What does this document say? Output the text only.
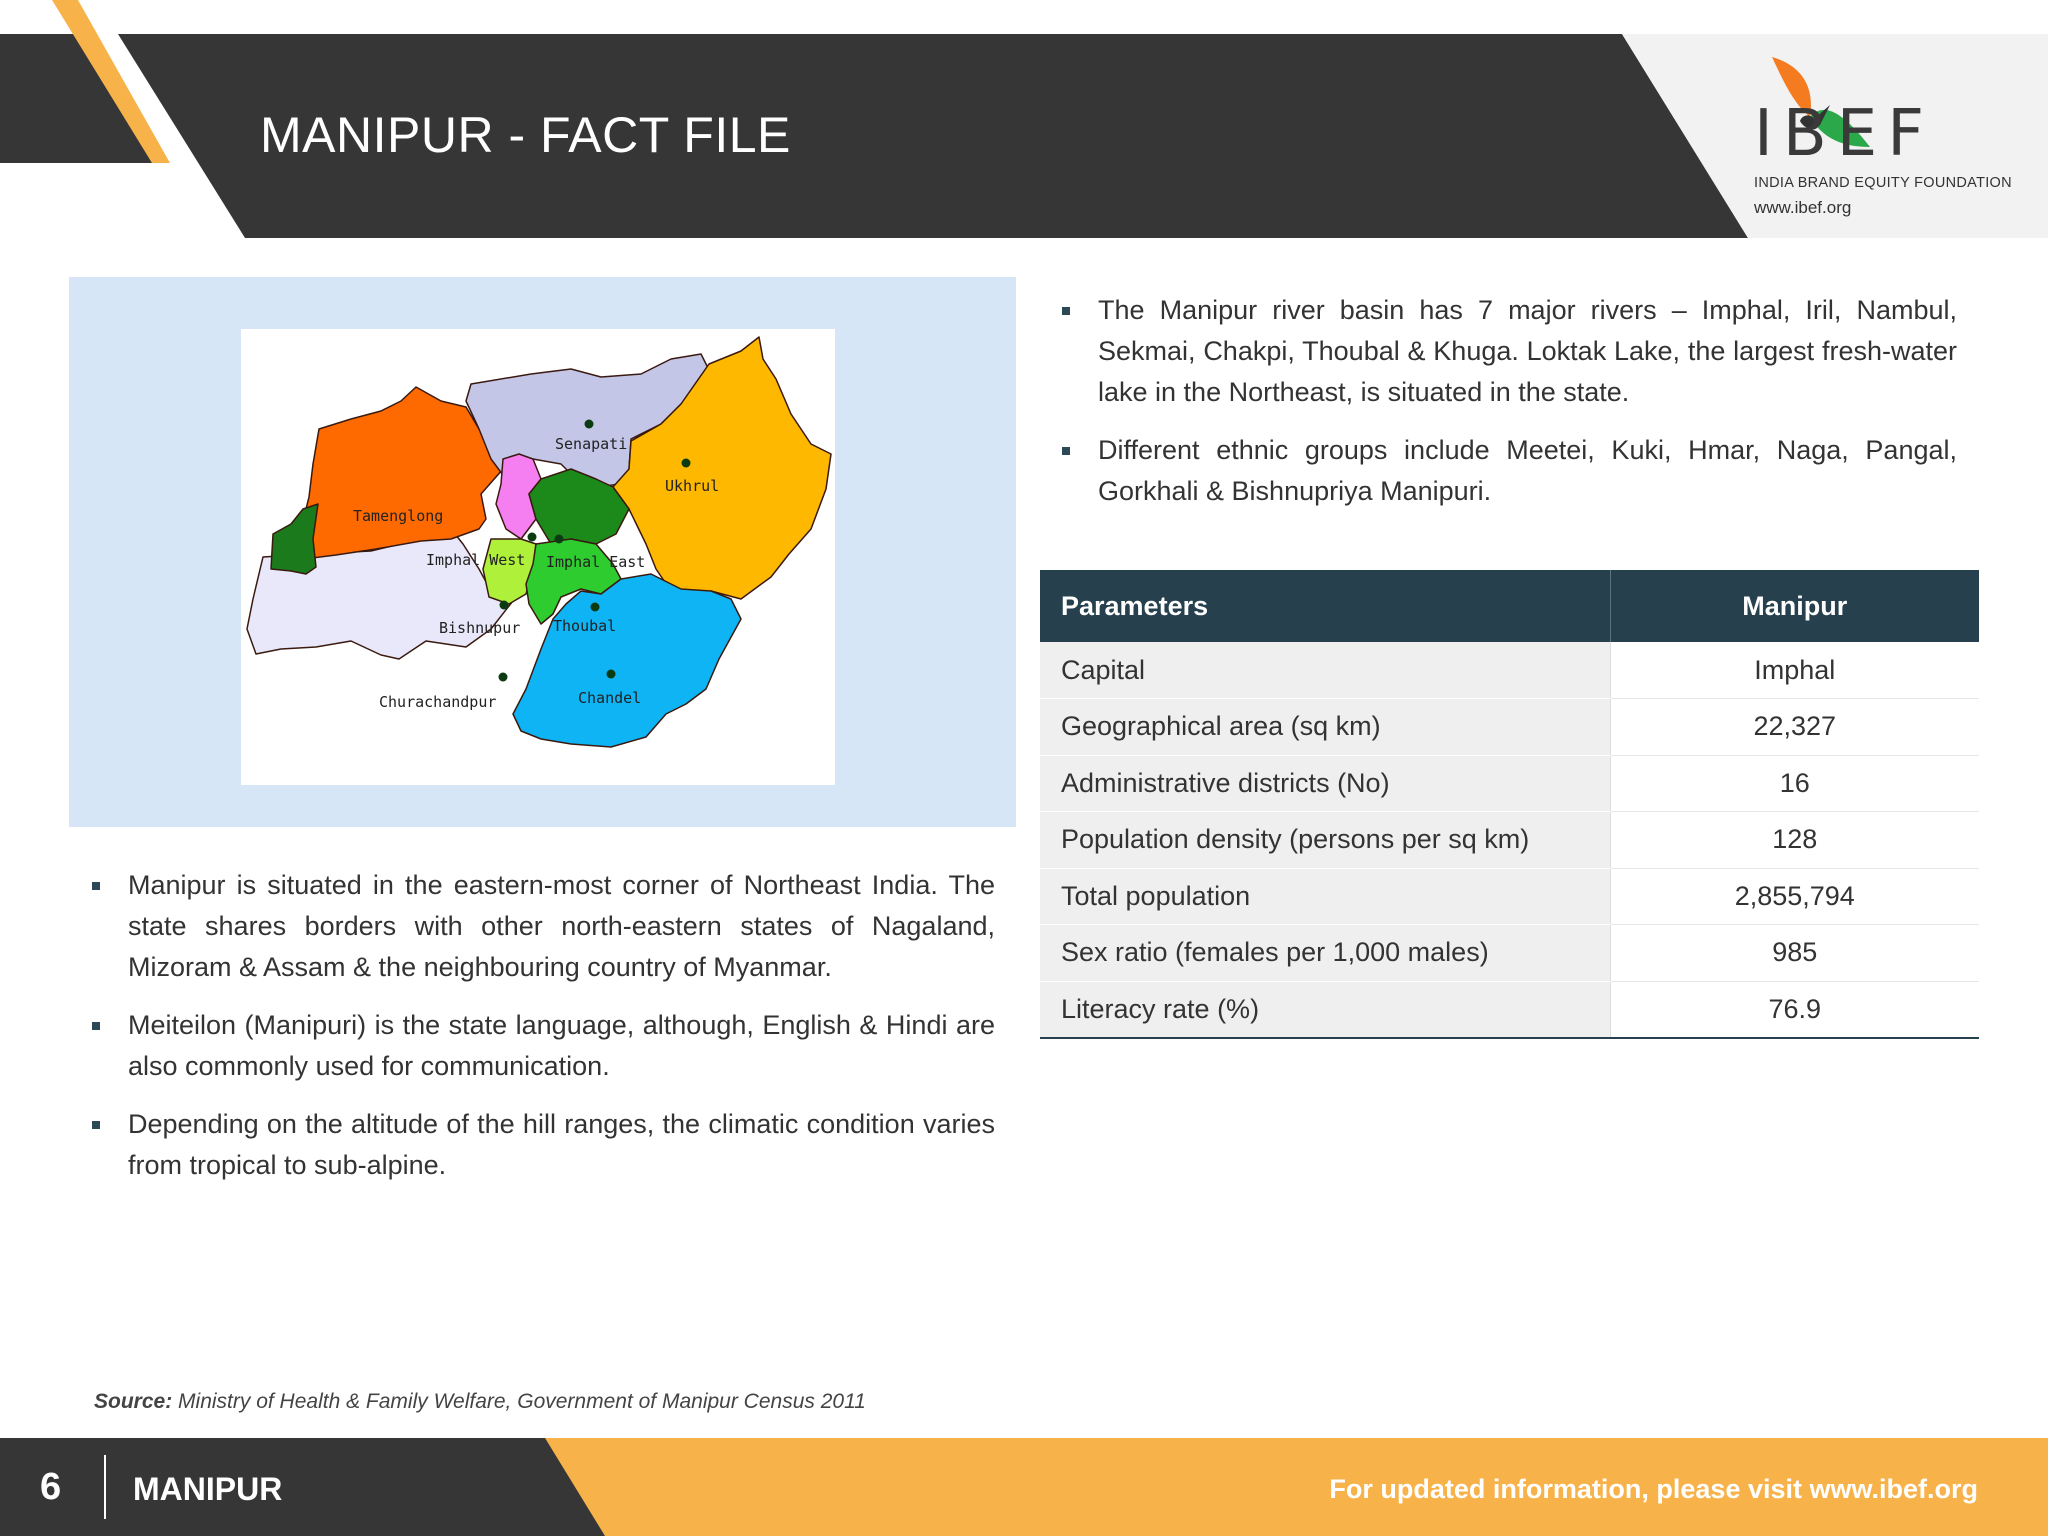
MANIPUR - FACT FILE	IBEF
INDIA BRAND EQUITY FOUNDATION
www.ibef.org
Senapati
Ukhrul
Tamenglong
Imphal West Imphal East
Bishnupur Thoubal
Churachandpur	Chandel
Manipur is situated in the eastern-most corner of Northeast India. The state shares borders with other north-eastern states of Nagaland, Mizoram & Assam & the neighbouring country of Myanmar.
Meiteilon (Manipuri) is the state language, although, English & Hindi are also commonly used for communication.
Depending on the altitude of the hill ranges, the climatic condition varies from tropical to sub-alpine.
The Manipur river basin has 7 major rivers – Imphal, Iril, Nambul, Sekmai, Chakpi, Thoubal & Khuga. Loktak Lake, the largest fresh-water lake in the Northeast, is situated in the state.
Different ethnic groups include Meetei, Kuki, Hmar, Naga, Pangal, Gorkhali & Bishnupriya Manipuri.
Parameters	Manipur
Capital	Imphal
Geographical area (sq km)	22,327
Administrative districts (No)	16
Population density (persons per sq km)	128
Total population	2,855,794
Sex ratio (females per 1,000 males)	985
Literacy rate (%)	76.9
Source: Ministry of Health & Family Welfare, Government of Manipur Census 2011
6 MANIPUR	For updated information, please visit www.ibef.org
